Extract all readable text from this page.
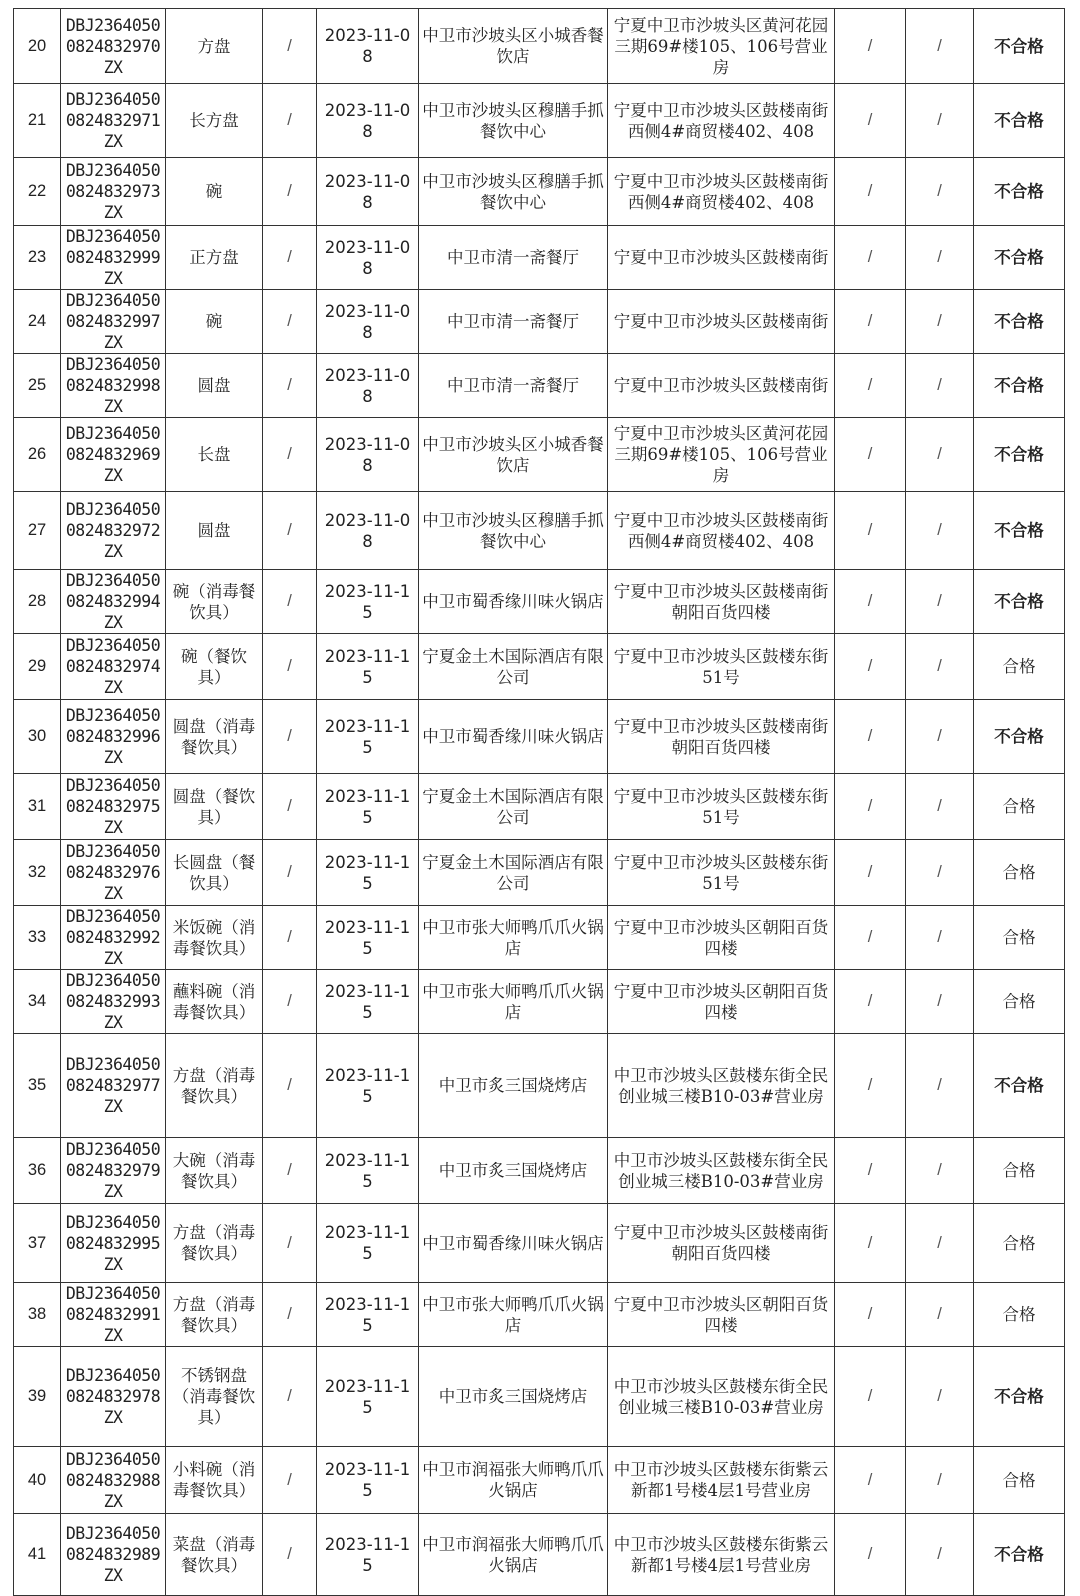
20	DBJ23640500824832970ZX	方盘	/	2023-11-08	中卫市沙坡头区小城香餐饮店	宁夏中卫市沙坡头区黄河花园三期69#楼105、106号营业房	/	/	不合格
21	DBJ23640500824832971ZX	长方盘	/	2023-11-08	中卫市沙坡头区穆膳手抓餐饮中心	宁夏中卫市沙坡头区鼓楼南街西侧4#商贸楼402、408	/	/	不合格
22	DBJ23640500824832973ZX	碗	/	2023-11-08	中卫市沙坡头区穆膳手抓餐饮中心	宁夏中卫市沙坡头区鼓楼南街西侧4#商贸楼402、408	/	/	不合格
23	DBJ23640500824832999ZX	正方盘	/	2023-11-08	中卫市清一斋餐厅	宁夏中卫市沙坡头区鼓楼南街	/	/	不合格
24	DBJ23640500824832997ZX	碗	/	2023-11-08	中卫市清一斋餐厅	宁夏中卫市沙坡头区鼓楼南街	/	/	不合格
25	DBJ23640500824832998ZX	圆盘	/	2023-11-08	中卫市清一斋餐厅	宁夏中卫市沙坡头区鼓楼南街	/	/	不合格
26	DBJ23640500824832969ZX	长盘	/	2023-11-08	中卫市沙坡头区小城香餐饮店	宁夏中卫市沙坡头区黄河花园三期69#楼105、106号营业房	/	/	不合格
27	DBJ23640500824832972ZX	圆盘	/	2023-11-08	中卫市沙坡头区穆膳手抓餐饮中心	宁夏中卫市沙坡头区鼓楼南街西侧4#商贸楼402、408	/	/	不合格
28	DBJ23640500824832994ZX	碗（消毒餐饮具）	/	2023-11-15	中卫市蜀香缘川味火锅店	宁夏中卫市沙坡头区鼓楼南街朝阳百货四楼	/	/	不合格
29	DBJ23640500824832974ZX	碗（餐饮具）	/	2023-11-15	宁夏金土木国际酒店有限公司	宁夏中卫市沙坡头区鼓楼东街51号	/	/	合格
30	DBJ23640500824832996ZX	圆盘（消毒餐饮具）	/	2023-11-15	中卫市蜀香缘川味火锅店	宁夏中卫市沙坡头区鼓楼南街朝阳百货四楼	/	/	不合格
31	DBJ23640500824832975ZX	圆盘（餐饮具）	/	2023-11-15	宁夏金土木国际酒店有限公司	宁夏中卫市沙坡头区鼓楼东街51号	/	/	合格
32	DBJ23640500824832976ZX	长圆盘（餐饮具）	/	2023-11-15	宁夏金土木国际酒店有限公司	宁夏中卫市沙坡头区鼓楼东街51号	/	/	合格
33	DBJ23640500824832992ZX	米饭碗（消毒餐饮具）	/	2023-11-15	中卫市张大师鸭爪爪火锅店	宁夏中卫市沙坡头区朝阳百货四楼	/	/	合格
34	DBJ23640500824832993ZX	蘸料碗（消毒餐饮具）	/	2023-11-15	中卫市张大师鸭爪爪火锅店	宁夏中卫市沙坡头区朝阳百货四楼	/	/	合格
35	DBJ23640500824832977ZX	方盘（消毒餐饮具）	/	2023-11-15	中卫市炙三国烧烤店	中卫市沙坡头区鼓楼东街全民创业城三楼B10-03#营业房	/	/	不合格
36	DBJ23640500824832979ZX	大碗（消毒餐饮具）	/	2023-11-15	中卫市炙三国烧烤店	中卫市沙坡头区鼓楼东街全民创业城三楼B10-03#营业房	/	/	合格
37	DBJ23640500824832995ZX	方盘（消毒餐饮具）	/	2023-11-15	中卫市蜀香缘川味火锅店	宁夏中卫市沙坡头区鼓楼南街朝阳百货四楼	/	/	合格
38	DBJ23640500824832991ZX	方盘（消毒餐饮具）	/	2023-11-15	中卫市张大师鸭爪爪火锅店	宁夏中卫市沙坡头区朝阳百货四楼	/	/	合格
39	DBJ23640500824832978ZX	不锈钢盘（消毒餐饮具）	/	2023-11-15	中卫市炙三国烧烤店	中卫市沙坡头区鼓楼东街全民创业城三楼B10-03#营业房	/	/	不合格
40	DBJ23640500824832988ZX	小料碗（消毒餐饮具）	/	2023-11-15	中卫市润福张大师鸭爪爪火锅店	中卫市沙坡头区鼓楼东街紫云新都1号楼4层1号营业房	/	/	合格
41	DBJ23640500824832989ZX	菜盘（消毒餐饮具）	/	2023-11-15	中卫市润福张大师鸭爪爪火锅店	中卫市沙坡头区鼓楼东街紫云新都1号楼4层1号营业房	/	/	不合格
